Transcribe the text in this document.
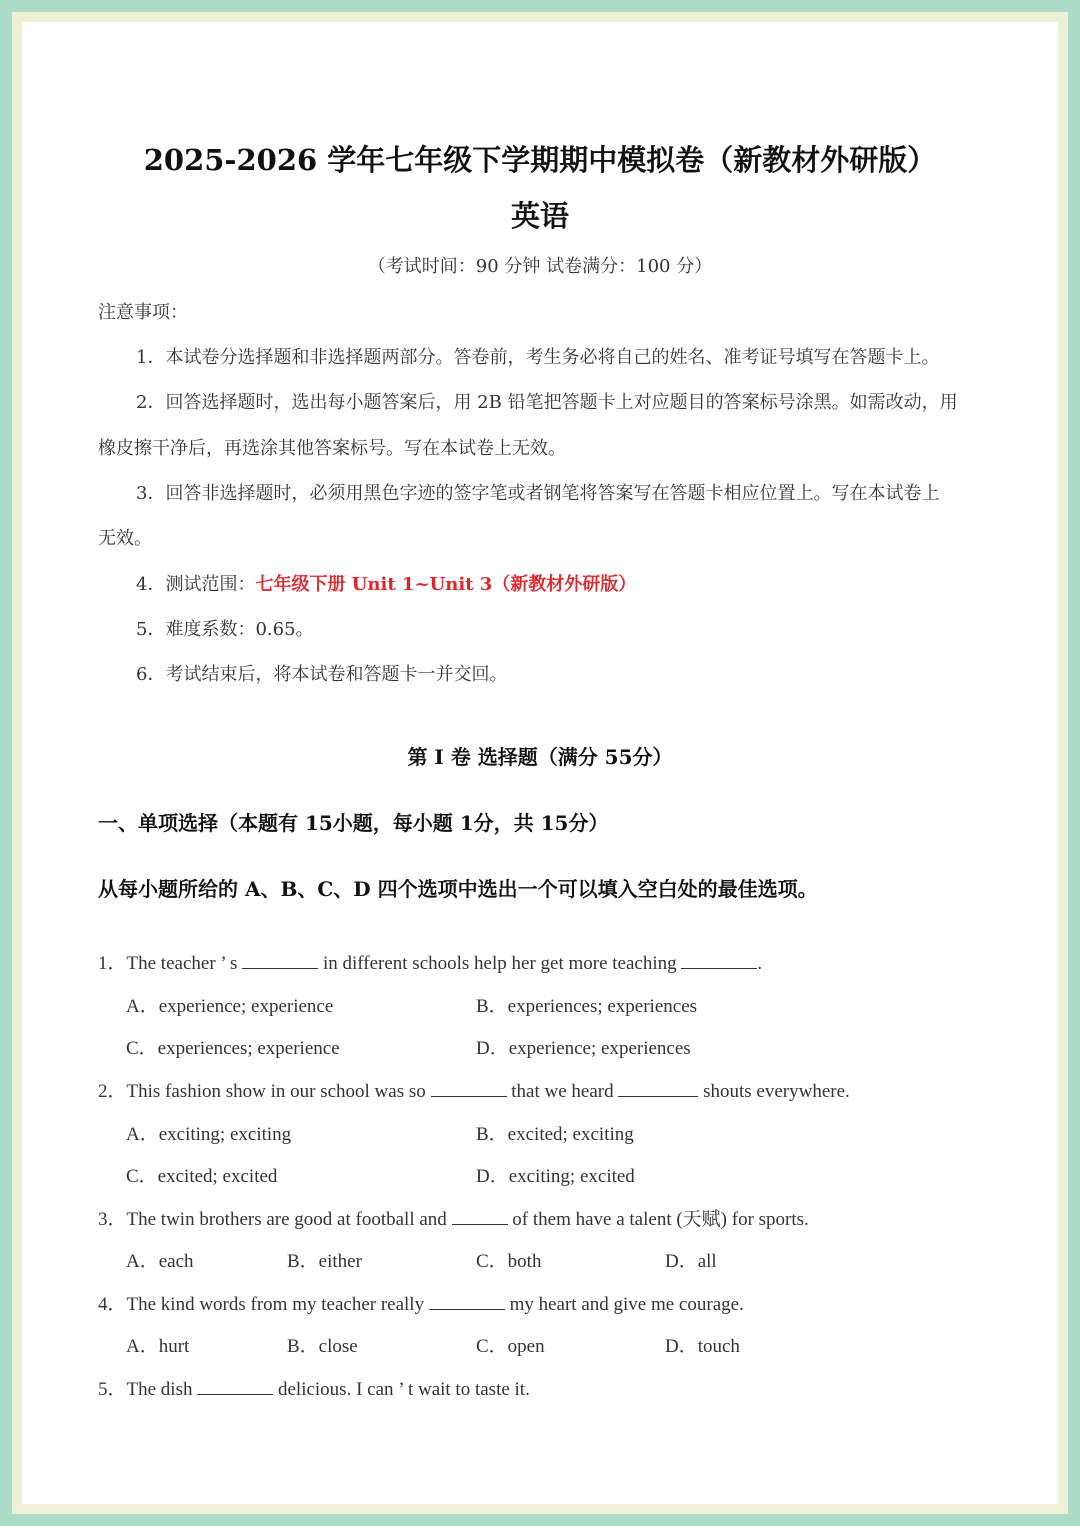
2025-2026 学年七年级下学期期中模拟卷（新教材外研版）
英语
（考试时间：90 分钟 试卷满分：100 分）
注意事项：
1．本试卷分选择题和非选择题两部分。答卷前，考生务必将自己的姓名、准考证号填写在答题卡上。
2．回答选择题时，选出每小题答案后，用 2B 铅笔把答题卡上对应题目的答案标号涂黑。如需改动，用
橡皮擦干净后，再选涂其他答案标号。写在本试卷上无效。
3．回答非选择题时，必须用黑色字迹的签字笔或者钢笔将答案写在答题卡相应位置上。写在本试卷上
无效。
4．测试范围：七年级下册 Unit 1~Unit 3（新教材外研版）
5．难度系数：0.65。
6．考试结束后，将本试卷和答题卡一并交回。
第 I 卷 选择题（满分 55分）
一、单项选择（本题有 15小题，每小题 1分，共 15分）
从每小题所给的 A、B、C、D 四个选项中选出一个可以填入空白处的最佳选项。
1．The teacher ’ s	in different schools help her get more teaching	.
A．experience; experience	B．experiences; experiences
C．experiences; experience	D．experience; experiences
2．This fashion show in our school was so	that we heard	shouts everywhere.
A．exciting; exciting	B．excited; exciting
C．excited; excited	D．exciting; excited
3．The twin brothers are good at football and	of them have a talent (天赋) for sports.
A．each	B．either	C．both	D．all
4．The kind words from my teacher really	my heart and give me courage.
A．hurt	B．close	C．open	D．touch
5．The dish	delicious. I can ’ t wait to taste it.
